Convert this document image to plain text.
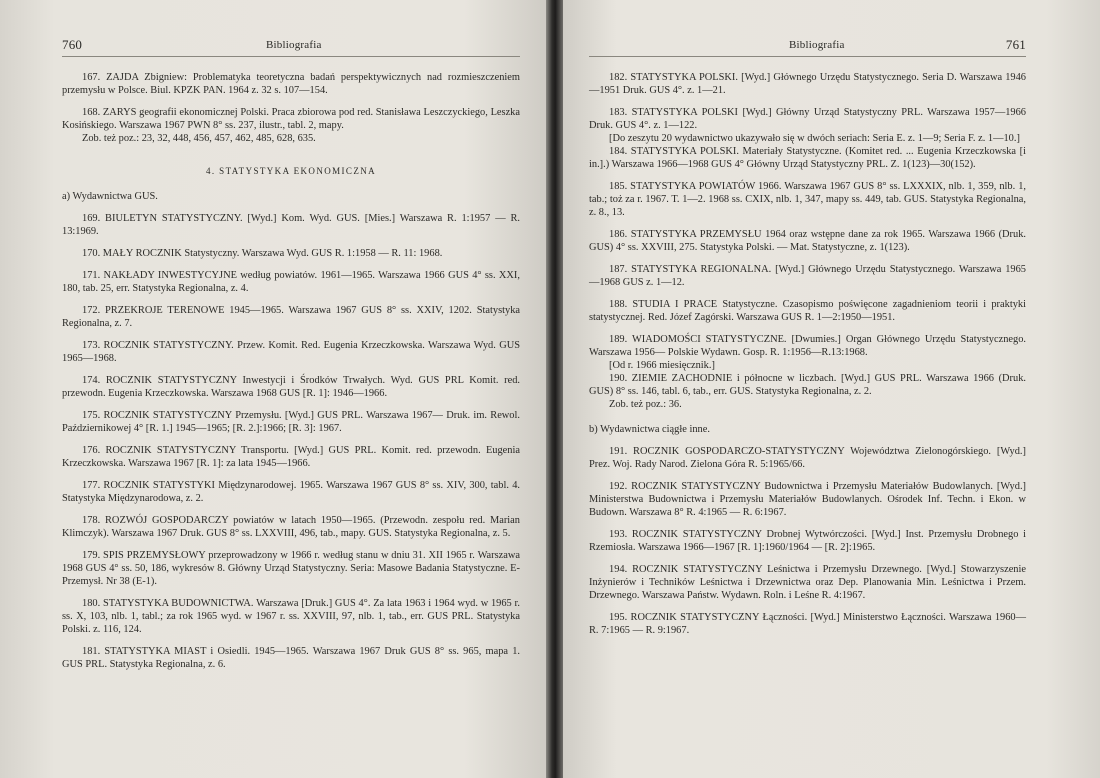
760	Bibliografia

167. ZAJDA Zbigniew: Problematyka teoretyczna badań perspektywicznych nad rozmieszczeniem przemysłu w Polsce. Biul. KPZK PAN. 1964 z. 32 s. 107—154.

168. ZARYS geografii ekonomicznej Polski. Praca zbiorowa pod red. Stanisława Leszczyckiego, Leszka Kosińskiego. Warszawa 1967 PWN 8° ss. 237, ilustr., tabl. 2, mapy.

Zob. też poz.: 23, 32, 448, 456, 457, 462, 485, 628, 635.

4. STATYSTYKA EKONOMICZNA

a) Wydawnictwa GUS.

169. BIULETYN STATYSTYCZNY. [Wyd.] Kom. Wyd. GUS. [Mies.] Warszawa R. 1:1957 — R. 13:1969.

170. MAŁY ROCZNIK Statystyczny. Warszawa Wyd. GUS R. 1:1958 — R. 11: 1968.

171. NAKŁADY INWESTYCYJNE według powiatów. 1961—1965. Warszawa 1966 GUS 4° ss. XXI, 180, tab. 25, err. Statystyka Regionalna, z. 4.

172. PRZEKROJE TERENOWE 1945—1965. Warszawa 1967 GUS 8° ss. XXIV, 1202. Statystyka Regionalna, z. 7.

173. ROCZNIK STATYSTYCZNY. Przew. Komit. Red. Eugenia Krzeczkowska. Warszawa Wyd. GUS 1965—1968.

174. ROCZNIK STATYSTYCZNY Inwestycji i Środków Trwałych. Wyd. GUS PRL Komit. red. przewodn. Eugenia Krzeczkowska. Warszawa 1968 GUS [R. 1]: 1946—1966.

175. ROCZNIK STATYSTYCZNY Przemysłu. [Wyd.] GUS PRL. Warszawa 1967— Druk. im. Rewol. Październikowej 4° [R. 1.] 1945—1965; [R. 2.]:1966; [R. 3]: 1967.

176. ROCZNIK STATYSTYCZNY Transportu. [Wyd.] GUS PRL. Komit. red. przewodn. Eugenia Krzeczkowska. Warszawa 1967 [R. 1]: za lata 1945—1966.

177. ROCZNIK STATYSTYKI Międzynarodowej. 1965. Warszawa 1967 GUS 8° ss. XIV, 300, tabl. 4. Statystyka Międzynarodowa, z. 2.

178. ROZWÓJ GOSPODARCZY powiatów w latach 1950—1965. (Przewodn. zespołu red. Marian Klimczyk). Warszawa 1967 Druk. GUS 8° ss. LXXVIII, 496, tab., mapy. GUS. Statystyka Regionalna, z. 5.

179. SPIS PRZEMYSŁOWY przeprowadzony w 1966 r. według stanu w dniu 31. XII 1965 r. Warszawa 1968 GUS 4° ss. 50, 186, wykresów 8. Główny Urząd Statystyczny. Seria: Masowe Badania Statystyczne. E-Przemysł. Nr 38 (E-1).

180. STATYSTYKA BUDOWNICTWA. Warszawa [Druk.] GUS 4°. Za lata 1963 i 1964 wyd. w 1965 r. ss. X, 103, nlb. 1, tabl.; za rok 1965 wyd. w 1967 r. ss. XXVIII, 97, nlb. 1, tab., err. GUS PRL. Statystyka Polski. z. 116, 124.

181. STATYSTYKA MIAST i Osiedli. 1945—1965. Warszawa 1967 Druk GUS 8° ss. 965, mapa 1. GUS PRL. Statystyka Regionalna, z. 6.

Bibliografia	761

182. STATYSTYKA POLSKI. [Wyd.] Głównego Urzędu Statystycznego. Seria D. Warszawa 1946—1951 Druk. GUS 4°. z. 1—21.

183. STATYSTYKA POLSKI [Wyd.] Główny Urząd Statystyczny PRL. Warszawa 1957—1966 Druk. GUS 4°. z. 1—122.

[Do zeszytu 20 wydawnictwo ukazywało się w dwóch seriach: Seria E. z. 1—9; Seria F. z. 1—10.]

184. STATYSTYKA POLSKI. Materiały Statystyczne. (Komitet red. ... Eugenia Krzeczkowska [i in.].) Warszawa 1966—1968 GUS 4° Główny Urząd Statystyczny PRL. Z. 1(123)—30(152).

185. STATYSTYKA POWIATÓW 1966. Warszawa 1967 GUS 8° ss. LXXXIX, nlb. 1, 359, nlb. 1, tab.; toż za r. 1967. T. 1—2. 1968 ss. CXIX, nlb. 1, 347, mapy ss. 449, tab. GUS. Statystyka Regionalna, z. 8., 13.

186. STATYSTYKA PRZEMYSŁU 1964 oraz wstępne dane za rok 1965. Warszawa 1966 (Druk. GUS) 4° ss. XXVIII, 275. Statystyka Polski. — Mat. Statystyczne, z. 1(123).

187. STATYSTYKA REGIONALNA. [Wyd.] Głównego Urzędu Statystycznego. Warszawa 1965—1968 GUS z. 1—12.

188. STUDIA I PRACE Statystyczne. Czasopismo poświęcone zagadnieniom teorii i praktyki statystycznej. Red. Józef Zagórski. Warszawa GUS R. 1—2:1950—1951.

189. WIADOMOŚCI STATYSTYCZNE. [Dwumies.] Organ Głównego Urzędu Statystycznego. Warszawa 1956— Polskie Wydawn. Gosp. R. 1:1956—R.13:1968.

[Od r. 1966 miesięcznik.]

190. ZIEMIE ZACHODNIE i północne w liczbach. [Wyd.] GUS PRL. Warszawa 1966 (Druk. GUS) 8° ss. 146, tabl. 6, tab., err. GUS. Statystyka Regionalna, z. 2.

Zob. też poz.: 36.

b) Wydawnictwa ciągłe inne.

191. ROCZNIK GOSPODARCZO-STATYSTYCZNY Województwa Zielonogórskiego. [Wyd.] Prez. Woj. Rady Narod. Zielona Góra R. 5:1965/66.

192. ROCZNIK STATYSTYCZNY Budownictwa i Przemysłu Materiałów Budowlanych. [Wyd.] Ministerstwa Budownictwa i Przemysłu Materiałów Budowlanych. Ośrodek Inf. Techn. i Ekon. w Budown. Warszawa 8° R. 4:1965 — R. 6:1967.

193. ROCZNIK STATYSTYCZNY Drobnej Wytwórczości. [Wyd.] Inst. Przemysłu Drobnego i Rzemiosła. Warszawa 1966—1967 [R. 1]:1960/1964 — [R. 2]:1965.

194. ROCZNIK STATYSTYCZNY Leśnictwa i Przemysłu Drzewnego. [Wyd.] Stowarzyszenie Inżynierów i Techników Leśnictwa i Drzewnictwa oraz Dep. Planowania Min. Leśnictwa i Przem. Drzewnego. Warszawa Państw. Wydawn. Roln. i Leśne R. 4:1967.

195. ROCZNIK STATYSTYCZNY Łączności. [Wyd.] Ministerstwo Łączności. Warszawa 1960— R. 7:1965 — R. 9:1967.
